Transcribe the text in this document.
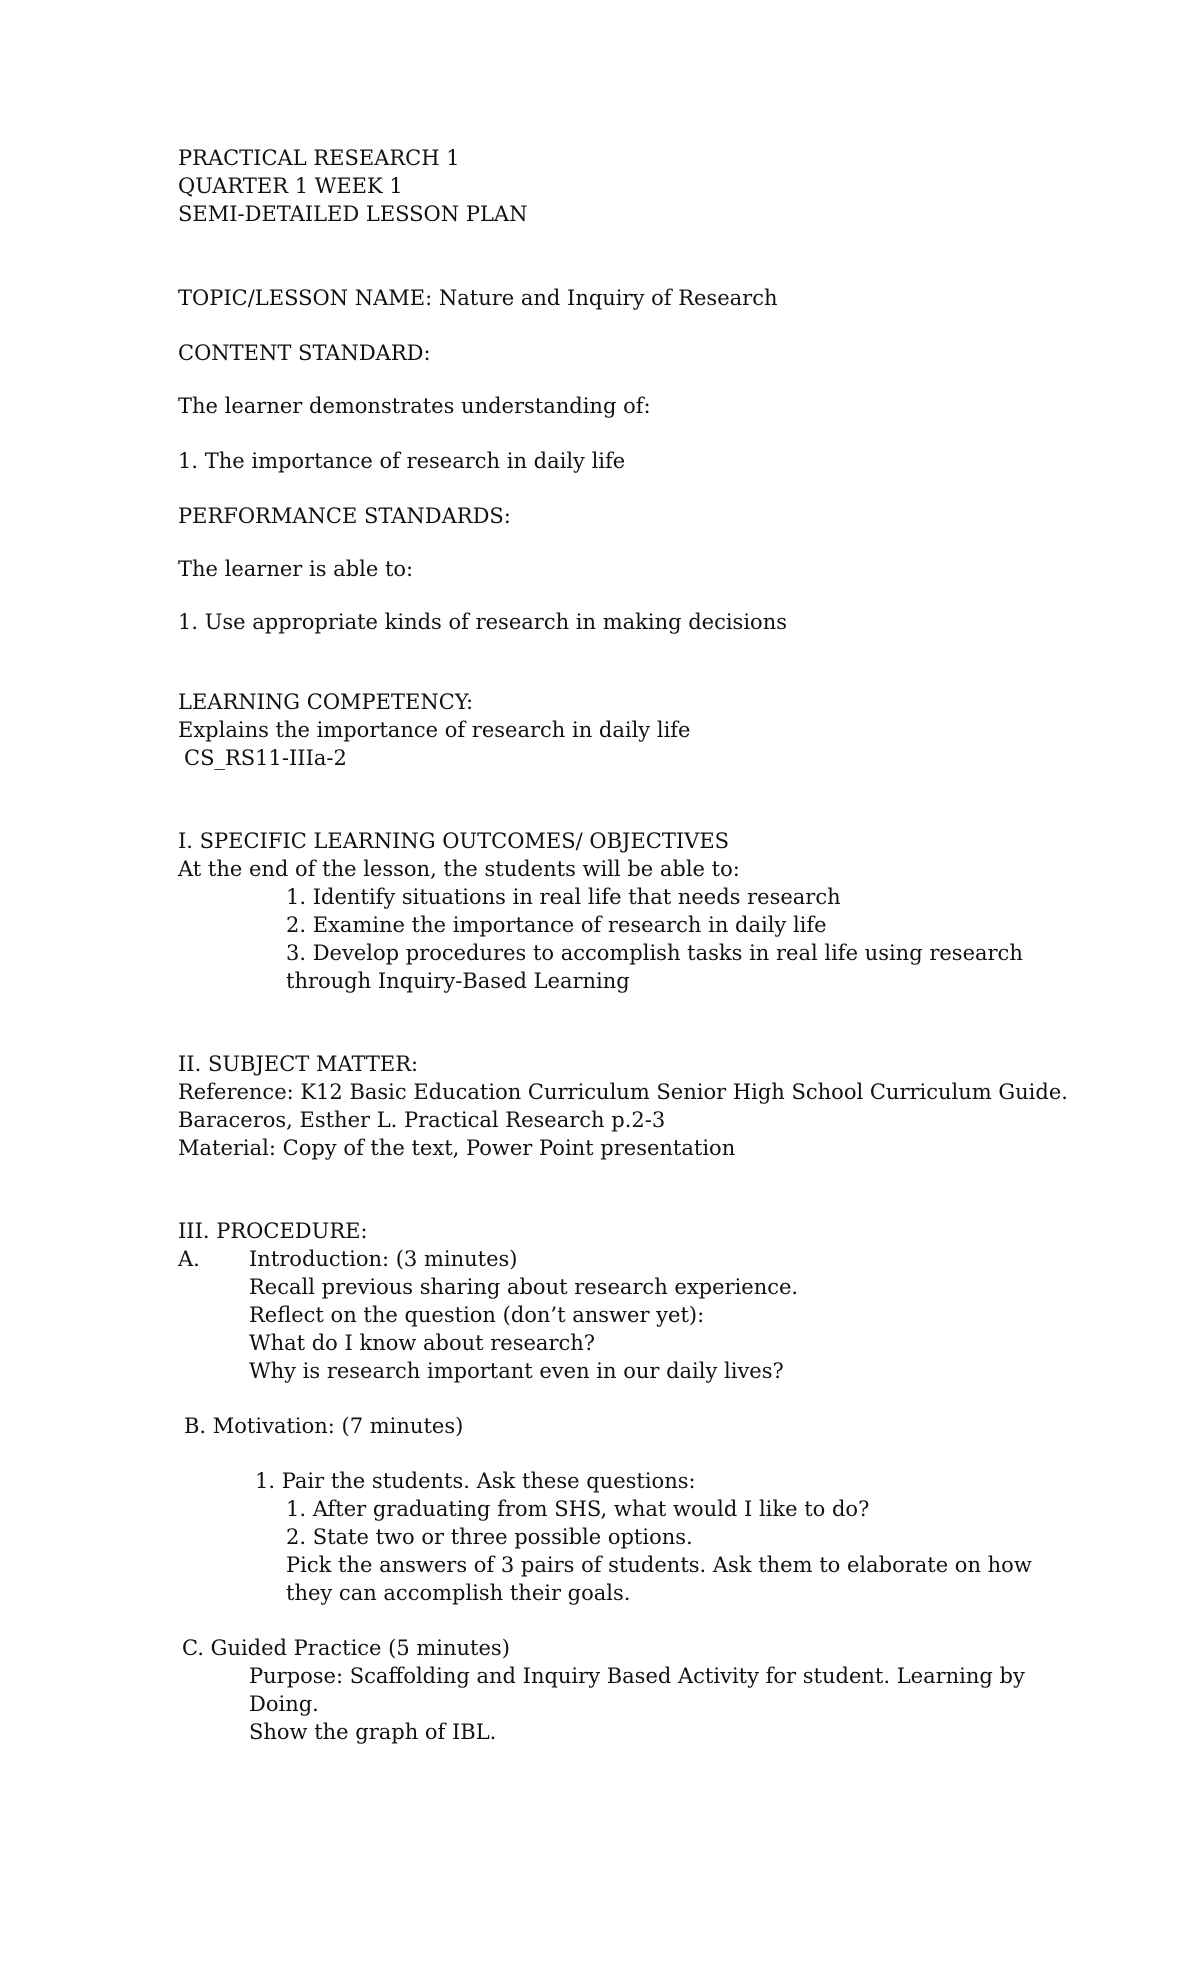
PRACTICAL RESEARCH 1

QUARTER 1 WEEK 1

SEMI-DETAILED LESSON PLAN

TOPIC/LESSON NAME: Nature and Inquiry of Research

CONTENT STANDARD:

The learner demonstrates understanding of:

1. The importance of research in daily life

PERFORMANCE STANDARDS:

The learner is able to:

1. Use appropriate kinds of research in making decisions

LEARNING COMPETENCY:

Explains the importance of research in daily life

CS_RS11-IIIa-2

I. SPECIFIC LEARNING OUTCOMES/ OBJECTIVES

At the end of the lesson, the students will be able to:

1. Identify situations in real life that needs research

2. Examine the importance of research in daily life

3. Develop procedures to accomplish tasks in real life using research

through Inquiry-Based Learning

II. SUBJECT MATTER:

Reference: K12 Basic Education Curriculum Senior High School Curriculum Guide.

Baraceros, Esther L. Practical Research p.2-3

Material: Copy of the text, Power Point presentation

III. PROCEDURE:

A. Introduction: (3 minutes)

Recall previous sharing about research experience.

Reflect on the question (don’t answer yet):

What do I know about research?

Why is research important even in our daily lives?

B. Motivation: (7 minutes)

1. Pair the students. Ask these questions:

1. After graduating from SHS, what would I like to do?

2. State two or three possible options.

Pick the answers of 3 pairs of students. Ask them to elaborate on how

they can accomplish their goals.

C. Guided Practice (5 minutes)

Purpose: Scaffolding and Inquiry Based Activity for student. Learning by

Doing.

Show the graph of IBL.
